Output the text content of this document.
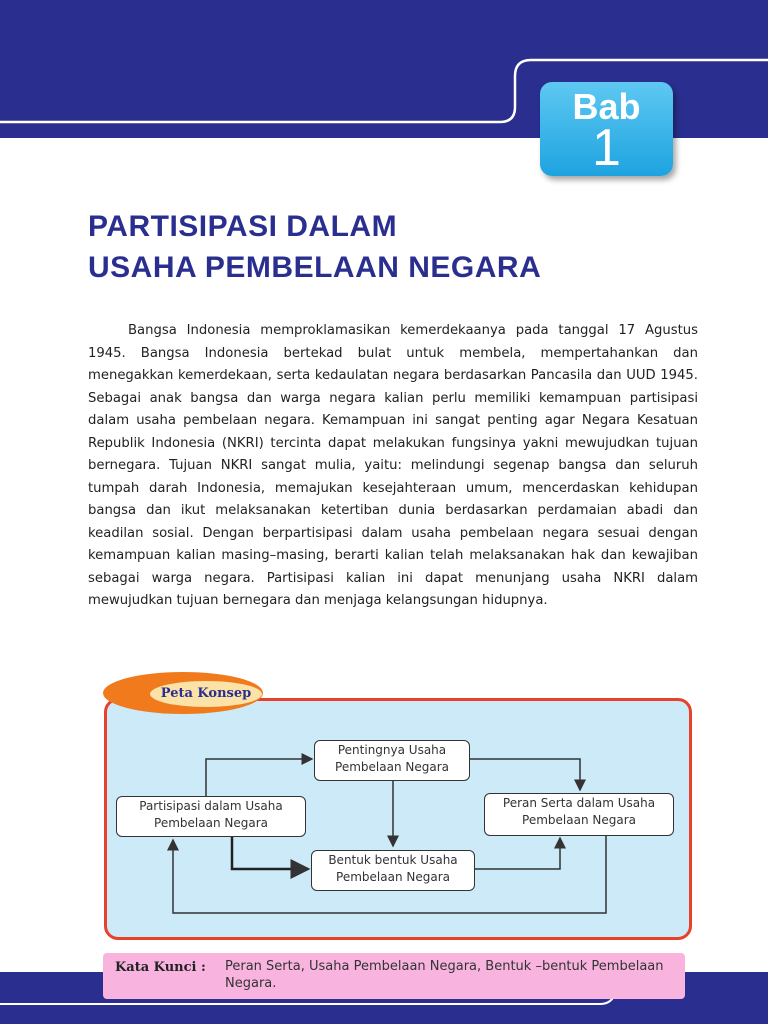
Bab
1
PARTISIPASI DALAM
USAHA PEMBELAAN NEGARA
Bangsa Indonesia memproklamasikan kemerdekaanya pada tanggal 17 Agustus 1945. Bangsa Indonesia bertekad bulat untuk membela, mempertahankan dan menegakkan kemerdekaan, serta kedaulatan negara berdasarkan Pancasila dan UUD 1945. Sebagai anak bangsa dan warga negara kalian perlu memiliki kemampuan partisipasi dalam usaha pembelaan negara. Kemampuan ini sangat penting agar Negara Kesatuan Republik Indonesia (NKRI) tercinta dapat melakukan fungsinya yakni mewujudkan tujuan bernegara. Tujuan NKRI sangat mulia, yaitu: melindungi segenap bangsa dan seluruh tumpah darah Indonesia, memajukan kesejahteraan umum, mencerdaskan kehidupan bangsa dan ikut melaksanakan ketertiban dunia berdasarkan perdamaian abadi dan keadilan sosial. Dengan berpartisipasi dalam usaha pembelaan negara sesuai dengan kemampuan kalian masing–masing, berarti kalian telah melaksanakan hak dan kewajiban sebagai warga negara. Partisipasi kalian ini dapat menunjang usaha NKRI dalam mewujudkan tujuan bernegara dan menjaga kelangsungan hidupnya.
Peta Konsep
Pentingnya Usaha
Pembelaan Negara
Partisipasi dalam Usaha
Pembelaan Negara
Peran Serta dalam Usaha
Pembelaan Negara
Bentuk bentuk Usaha
Pembelaan Negara
Kata Kunci : Peran Serta, Usaha Pembelaan Negara, Bentuk –bentuk Pembelaan Negara.
